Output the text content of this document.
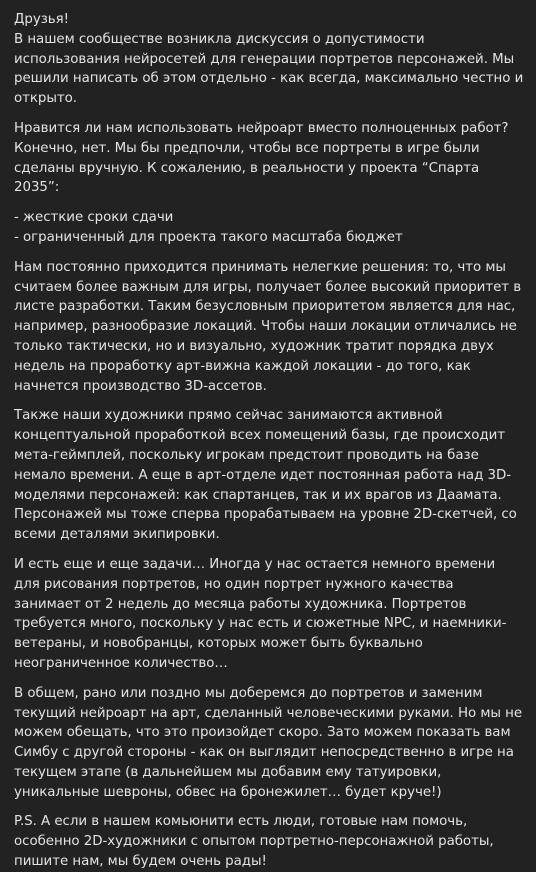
Друзья!
В нашем сообществе возникла дискуссия о допустимости использования нейросетей для генерации портретов персонажей. Мы решили написать об этом отдельно - как всегда, максимально честно и открыто.

Нравится ли нам использовать нейроарт вместо полноценных работ? Конечно, нет. Мы бы предпочли, чтобы все портреты в игре были сделаны вручную. К сожалению, в реальности у проекта “Спарта 2035”:

- жесткие сроки сдачи
- ограниченный для проекта такого масштаба бюджет

Нам постоянно приходится принимать нелегкие решения: то, что мы считаем более важным для игры, получает более высокий приоритет в листе разработки. Таким безусловным приоритетом является для нас, например, разнообразие локаций. Чтобы наши локации отличались не только тактически, но и визуально, художник тратит порядка двух недель на проработку арт-вижна каждой локации - до того, как начнется производство 3D-ассетов.

Также наши художники прямо сейчас занимаются активной концептуальной проработкой всех помещений базы, где происходит мета-геймплей, поскольку игрокам предстоит проводить на базе немало времени. А еще в арт-отделе идет постоянная работа над 3D-моделями персонажей: как спартанцев, так и их врагов из Даамата. Персонажей мы тоже сперва прорабатываем на уровне 2D-скетчей, со всеми деталями экипировки.

И есть еще и еще задачи… Иногда у нас остается немного времени для рисования портретов, но один портрет нужного качества занимает от 2 недель до месяца работы художника. Портретов требуется много, поскольку у нас есть и сюжетные NPC, и наемники-ветераны, и новобранцы, которых может быть буквально неограниченное количество…

В общем, рано или поздно мы доберемся до портретов и заменим текущий нейроарт на арт, сделанный человеческими руками. Но мы не можем обещать, что это произойдет скоро. Зато можем показать вам Симбу с другой стороны - как он выглядит непосредственно в игре на текущем этапе (в дальнейшем мы добавим ему татуировки, уникальные шевроны, обвес на бронежилет… будет круче!)

P.S. А если в нашем комьюнити есть люди, готовые нам помочь, особенно 2D-художники с опытом портретно-персонажной работы, пишите нам, мы будем очень рады!
